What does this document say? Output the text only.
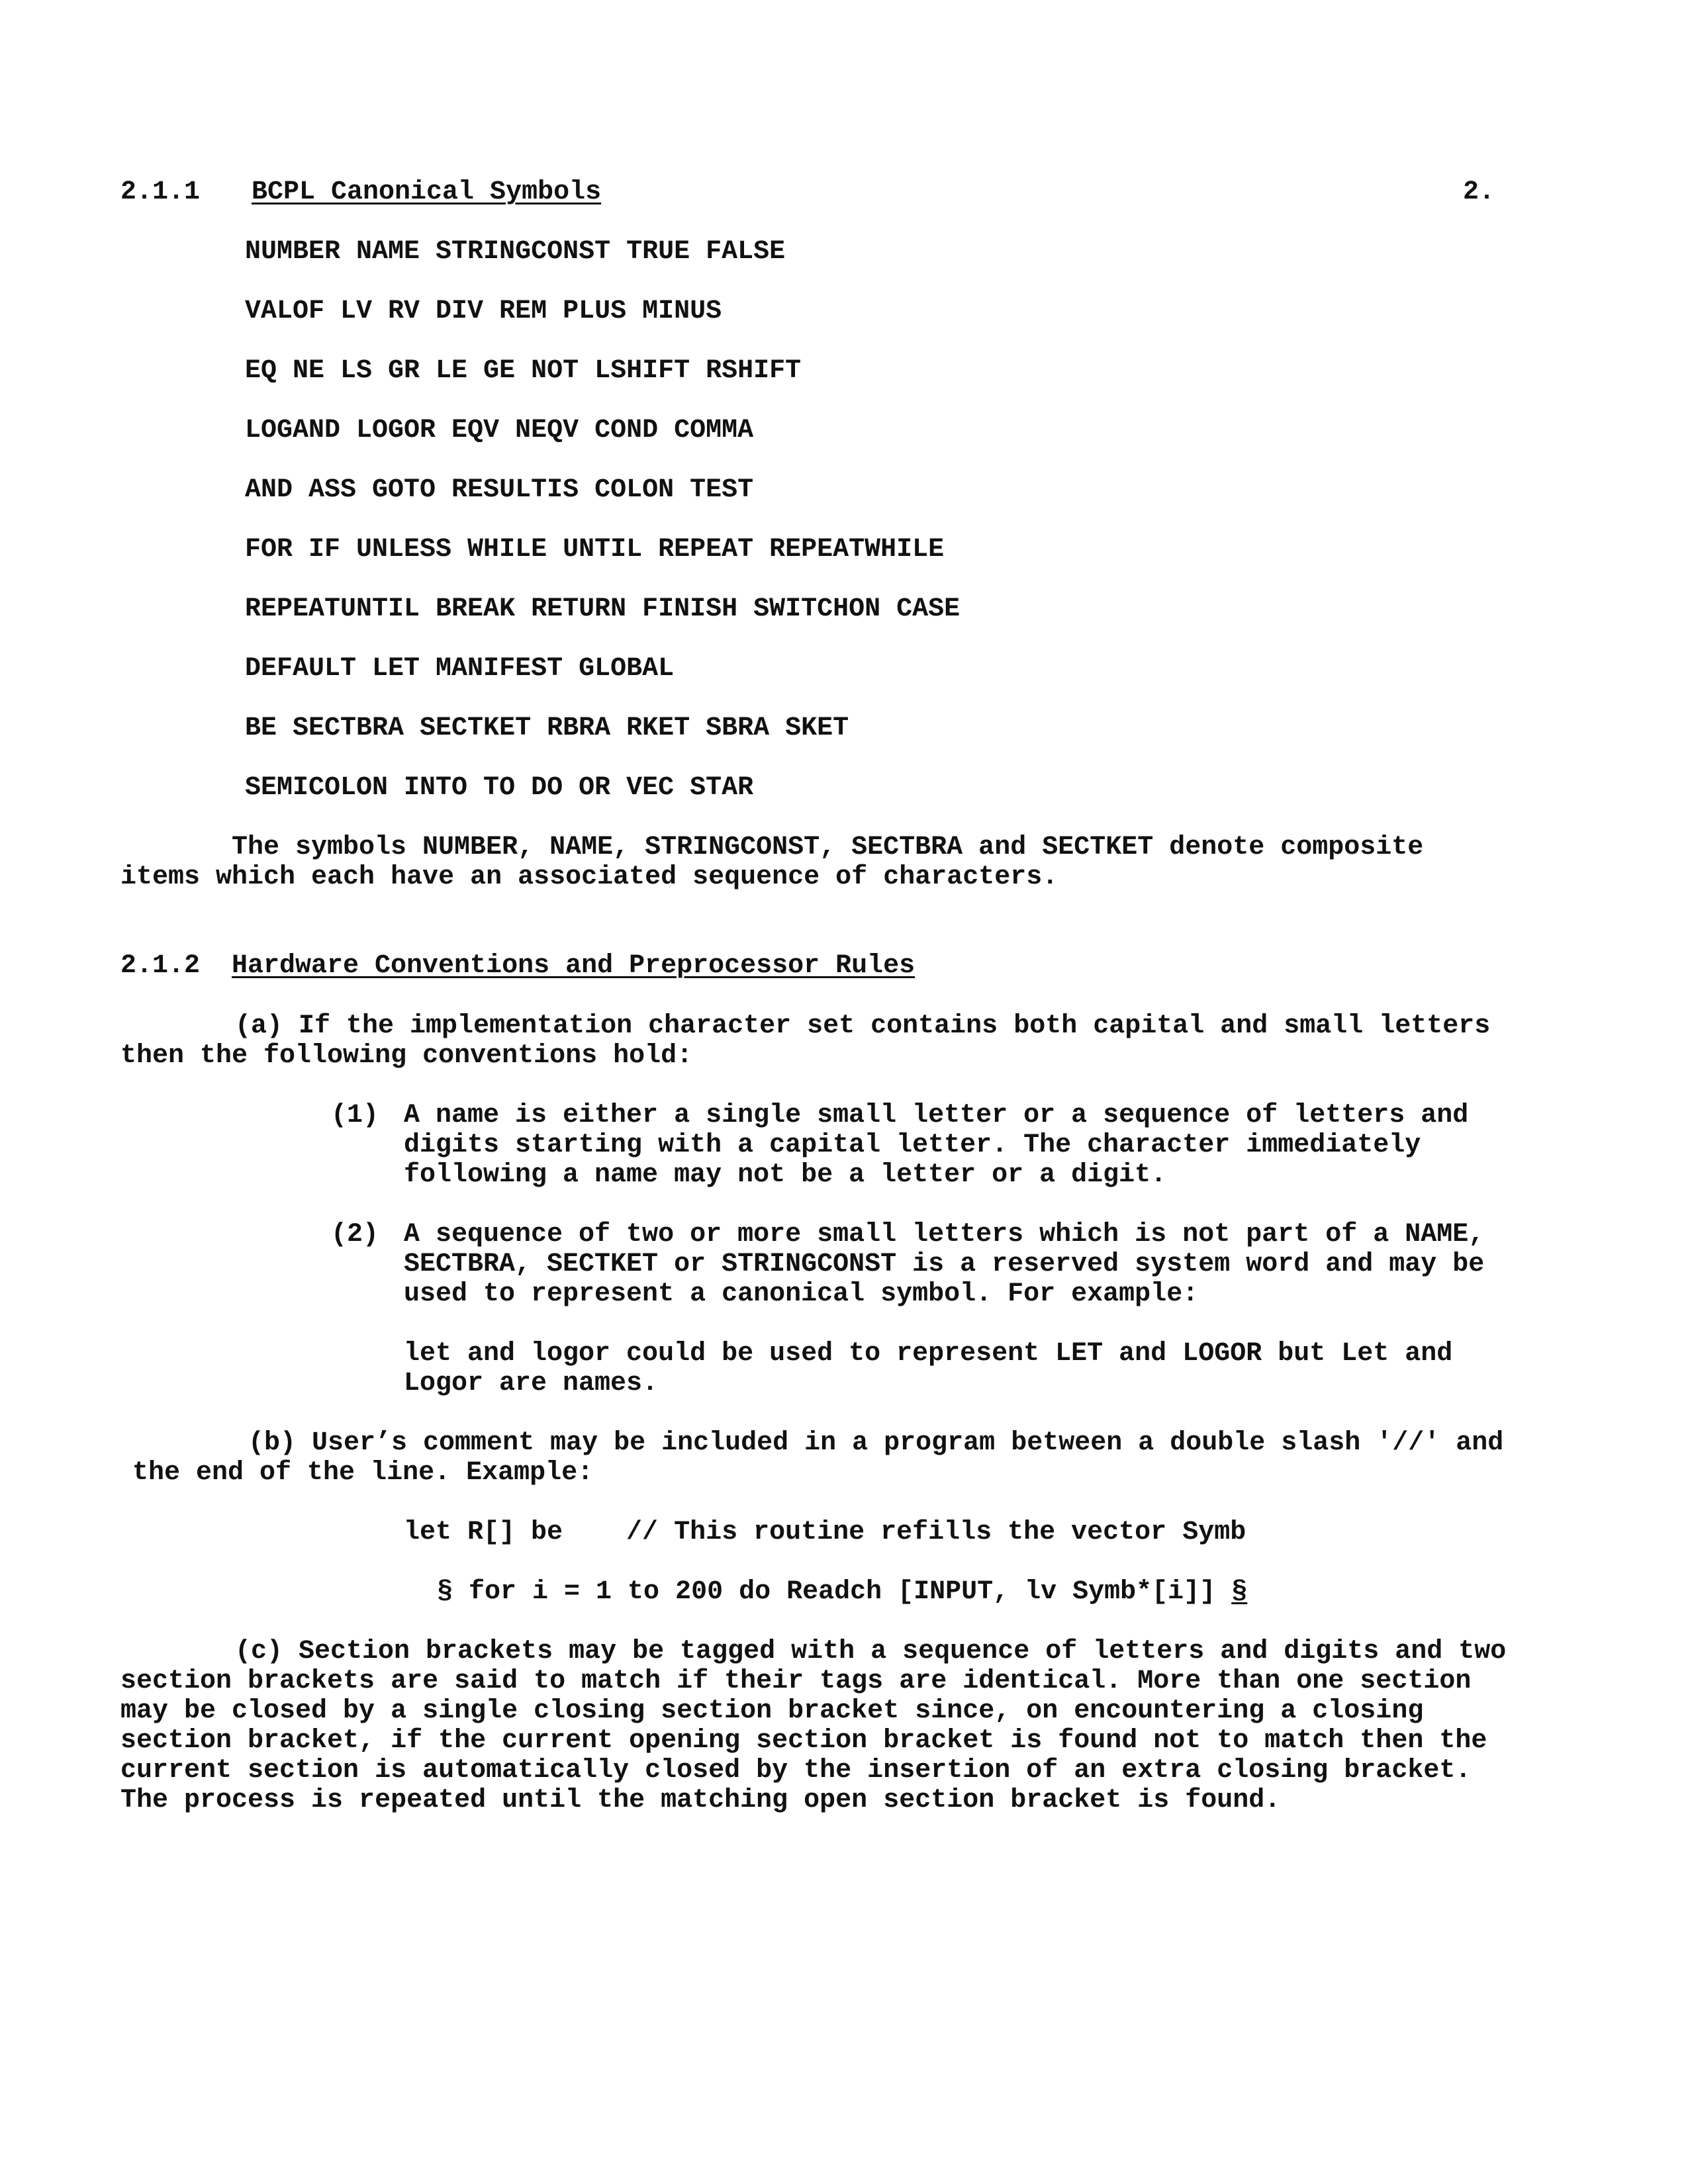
2.1.1 BCPL Canonical Symbols	2.
NUMBER NAME STRINGCONST TRUE FALSE
VALOF LV RV DIV REM PLUS MINUS
EQ NE LS GR LE GE NOT LSHIFT RSHIFT
LOGAND LOGOR EQV NEQV COND COMMA
AND ASS GOTO RESULTIS COLON TEST
FOR IF UNLESS WHILE UNTIL REPEAT REPEATWHILE
REPEATUNTIL BREAK RETURN FINISH SWITCHON CASE
DEFAULT LET MANIFEST GLOBAL
BE SECTBRA SECTKET RBRA RKET SBRA SKET
SEMICOLON INTO TO DO OR VEC STAR
The symbols NUMBER, NAME, STRINGCONST, SECTBRA and SECTKET denote composite
items which each have an associated sequence of characters.
2.1.2 Hardware Conventions and Preprocessor Rules
(a) If the implementation character set contains both capital and small letters
then the following conventions hold:
(1) A name is either a single small letter or a sequence of letters and
digits starting with a capital letter. The character immediately
following a name may not be a letter or a digit.
(2) A sequence of two or more small letters which is not part of a NAME,
SECTBRA, SECTKET or STRINGCONST is a reserved system word and may be
used to represent a canonical symbol. For example:
let and logor could be used to represent LET and LOGOR but Let and
Logor are names.
(b) User’s comment may be included in a program between a double slash '//' and
the end of the line. Example:
let R[] be    // This routine refills the vector Symb
§ for i = 1 to 200 do Readch [INPUT, lv Symb*[i]] §
(c) Section brackets may be tagged with a sequence of letters and digits and two
section brackets are said to match if their tags are identical. More than one section
may be closed by a single closing section bracket since, on encountering a closing
section bracket, if the current opening section bracket is found not to match then the
current section is automatically closed by the insertion of an extra closing bracket.
The process is repeated until the matching open section bracket is found.
